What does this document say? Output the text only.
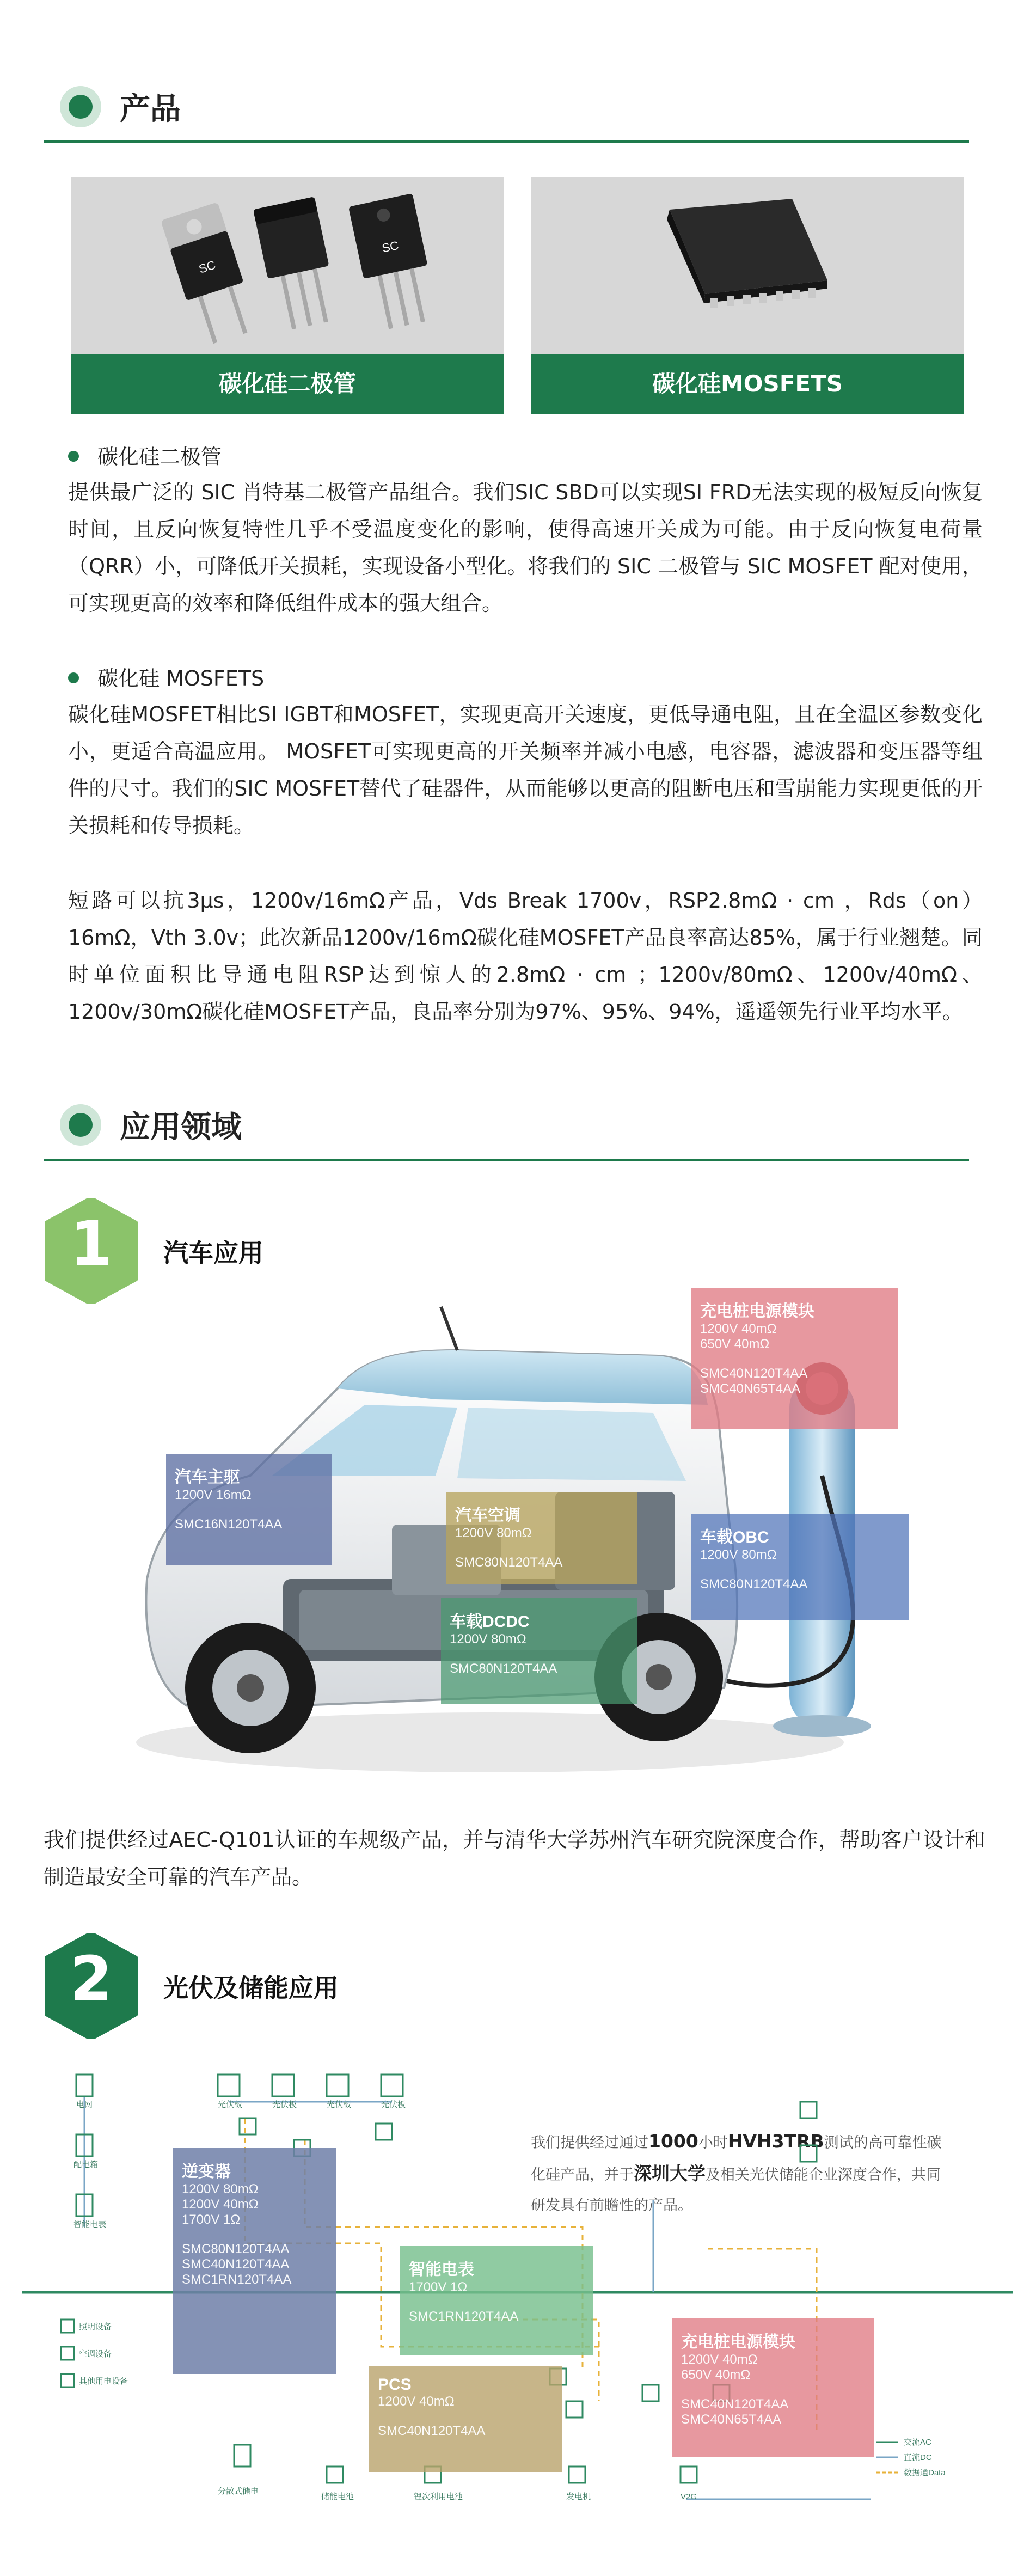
产品
SC
SC
碳化硅二极管	碳化硅MOSFETS
碳化硅二极管
提供最广泛的 SIC 肖特基二极管产品组合。我们SIC SBD可以实现SI FRD无法实现的极短反向恢复时间，且反向恢复特性几乎不受温度变化的影响，使得高速开关成为可能。由于反向恢复电荷量（QRR）小，可降低开关损耗，实现设备小型化。将我们的 SIC 二极管与 SIC MOSFET 配对使用，可实现更高的效率和降低组件成本的强大组合。
碳化硅 MOSFETS
碳化硅MOSFET相比SI IGBT和MOSFET，实现更高开关速度，更低导通电阻，且在全温区参数变化小，更适合高温应用。 MOSFET可实现更高的开关频率并减小电感，电容器，滤波器和变压器等组件的尺寸。我们的SIC MOSFET替代了硅器件，从而能够以更高的阻断电压和雪崩能力实现更低的开关损耗和传导损耗。
短路可以抗3μs，1200v/16mΩ产品，Vds Break 1700v，RSP2.8mΩ · cm ，Rds（on）16mΩ，Vth 3.0v；此次新品1200v/16mΩ碳化硅MOSFET产品良率高达85%，属于行业翘楚。同时单位面积比导通电阻RSP达到惊人的2.8mΩ · cm ；1200v/80mΩ、1200v/40mΩ、1200v/30mΩ碳化硅MOSFET产品，良品率分别为97%、95%、94%，遥遥领先行业平均水平。
应用领域
1	汽车应用
充电桩电源模块
1200V 40mΩ
650V 40mΩ
SMC40N120T4AA
SMC40N65T4AA
汽车主驱
1200V 16mΩ
SMC16N120T4AA	汽车空调
1200V 80mΩ
SMC80N120T4AA
车载OBC
1200V 80mΩ
SMC80N120T4AA
车载DCDC
1200V 80mΩ
SMC80N120T4AA
我们提供经过AEC-Q101认证的车规级产品，并与清华大学苏州汽车研究院深度合作，帮助客户设计和制造最安全可靠的汽车产品。
2	光伏及储能应用
我们提供经过通过1000小时HVH3TRB测试的高可靠性碳化硅产品，并于深圳大学及相关光伏储能企业深度合作，共同研发具有前瞻性的产品。
电网
配电箱
智能电表
光伏板	光伏板	光伏板	光伏板
照明设备
空调设备
其他用电设备
分散式储电
储能电池	锂次利用电池	发电机	V2G
交流AC
直流DC
数据通Data
逆变器
1200V 80mΩ
1200V 40mΩ
1700V 1Ω
SMC80N120T4AA
SMC40N120T4AA
SMC1RN120T4AA
智能电表
1700V 1Ω
SMC1RN120T4AA
PCS
1200V 40mΩ
SMC40N120T4AA
充电桩电源模块
1200V 40mΩ
650V 40mΩ
SMC40N120T4AA
SMC40N65T4AA
